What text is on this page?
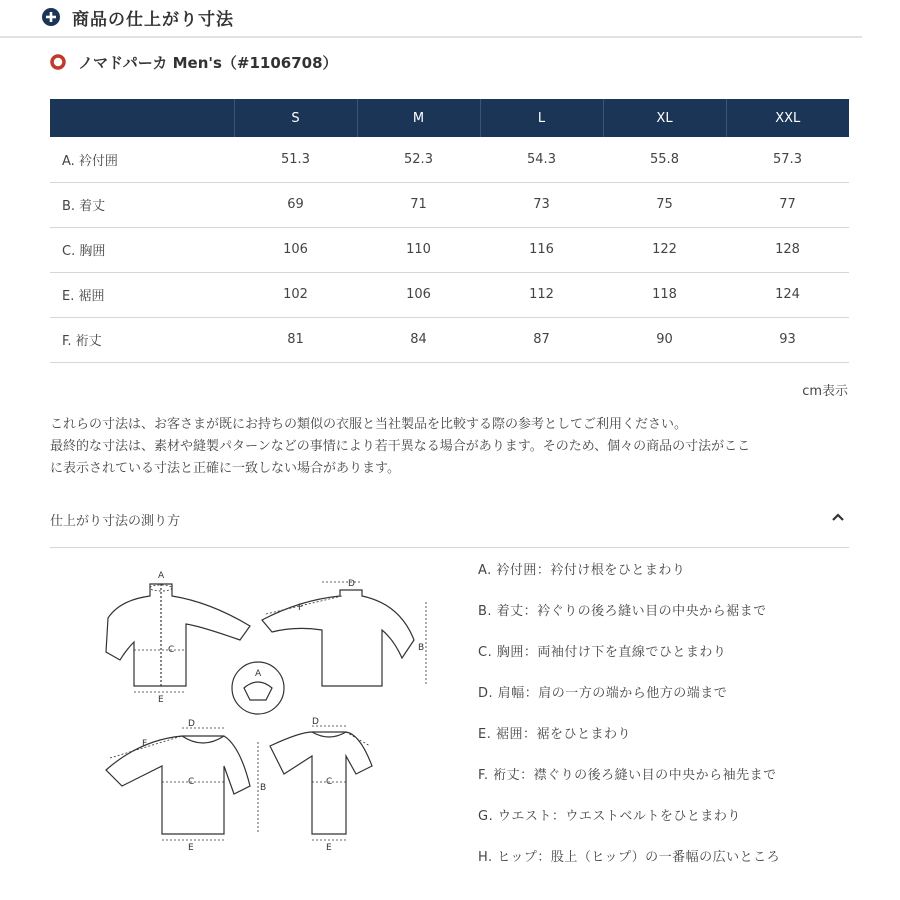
商品の仕上がり寸法
ノマドパーカ Men's（#1106708）
	S	M	L	XL	XXL
A. 衿付囲	51.3	52.3	54.3	55.8	57.3
B. 着丈	69	71	73	75	77
C. 胸囲	106	110	116	122	128
E. 裾囲	102	106	112	118	124
F. 裄丈	81	84	87	90	93
cm表示
これらの寸法は、お客さまが既にお持ちの類似の衣服と当社製品を比較する際の参考としてご利用ください。
最終的な寸法は、素材や縫製パターンなどの事情により若干異なる場合があります。そのため、個々の商品の寸法がここ
に表示されている寸法と正確に一致しない場合があります。
仕上がり寸法の測り方
A
C
E
D
F
B
A
D
F
C
E
B
D
C
E
A. 衿付囲：衿付け根をひとまわり
B. 着丈：衿ぐりの後ろ縫い目の中央から裾まで
C. 胸囲：両袖付け下を直線でひとまわり
D. 肩幅：肩の一方の端から他方の端まで
E. 裾囲：裾をひとまわり
F. 裄丈：襟ぐりの後ろ縫い目の中央から袖先まで
G. ウエスト：ウエストベルトをひとまわり
H. ヒップ：股上（ヒップ）の一番幅の広いところ
